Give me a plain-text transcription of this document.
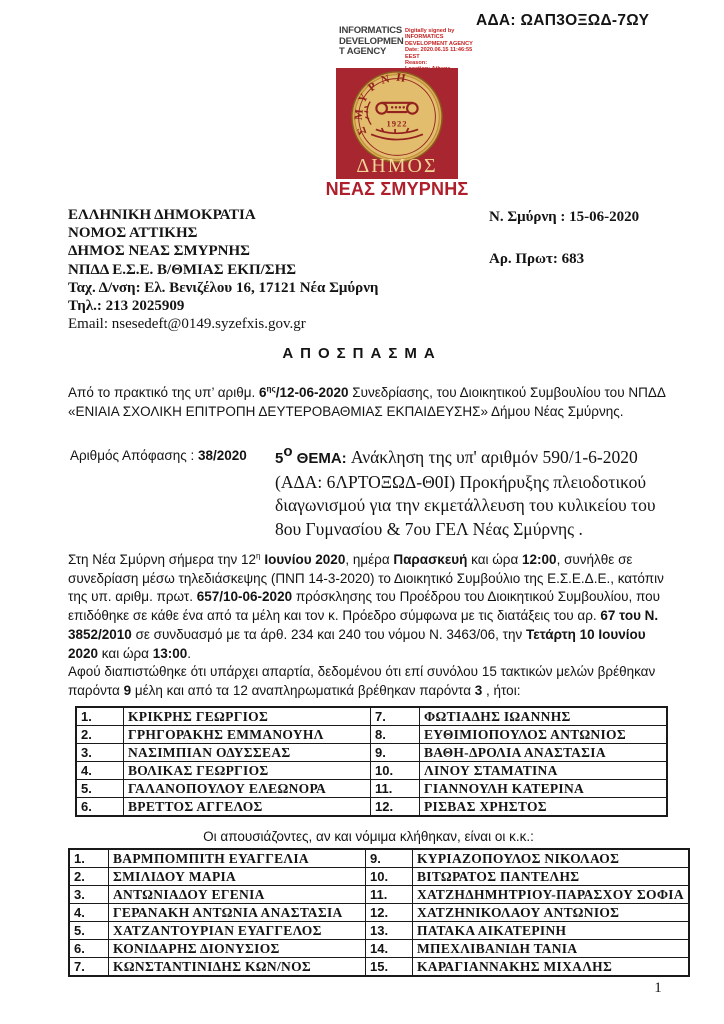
ΑΔΑ: ΩΑΠ3ΟΞΩΔ-7ΩΥ
INFORMATICS
DEVELOPMEN
T AGENCY
Digitally signed by
INFORMATICS
DEVELOPMENT AGENCY
Date: 2020.06.15 11:46:55
EEST
Reason:

ΣΜΥΡΝΗ
1922
ΔΗΜΟΣ
ΝΕΑΣ ΣΜΥΡΝΗΣ
ΕΛΛΗΝΙΚΗ ΔΗΜΟΚΡΑΤΙΑ
ΝΟΜΟΣ ΑΤΤΙΚΗΣ
ΔΗΜΟΣ ΝΕΑΣ ΣΜΥΡΝΗΣ
ΝΠΔΔ Ε.Σ.Ε. Β/ΘΜΙΑΣ ΕΚΠ/ΣΗΣ
Ταχ. Δ/νση: Ελ. Βενιζέλου 16, 17121 Νέα Σμύρνη
Τηλ.: 213 2025909
Email: nsesedeft@0149.syzefxis.gov.gr
Ν. Σμύρνη : 15-06-2020
Αρ. Πρωτ: 683
ΑΠΟΣΠΑΣΜΑ
Από το πρακτικό της υπ’ αριθμ. $6^{\eta\varsigma}/12-06-2020$ Συνεδρίασης, του Διοικητικού Συμβουλίου του ΝΠΔΔ «ΕΝΙΑΙΑ ΣΧΟΛΙΚΗ ΕΠΙΤΡΟΠΗ ΔΕΥΤΕΡΟΒΑΘΜΙΑΣ ΕΚΠΑΙΔΕΥΣΗΣ» Δήμου Νέας Σμύρνης.
Αριθμός Απόφασης : 38/2020 $5^o$ ΘΕΜΑ: Ανάκληση της υπ' αριθμόν 590/1-6-2020 (ΑΔΑ: 6ΛΡΤΟΞΩΔ-Θ0Ι) Προκήρυξης πλειοδοτικού διαγωνισμού για την εκμετάλλευση του κυλικείου του 8ου Γυμνασίου & 7ου ΓΕΛ Νέας Σμύρνης .
Στη Νέα Σμύρνη σήμερα την $12^\eta$ Ιουνίου 2020, ημέρα Παρασκευή και ώρα 12:00, συνήλθε σε συνεδρίαση μέσω τηλεδιάσκεψης (ΠΝΠ 14-3-2020) το Διοικητικό Συμβούλιο της Ε.Σ.Ε.Δ.Ε., κατόπιν της υπ. αριθμ. πρωτ. 657/10-06-2020 πρόσκλησης του Προέδρου του Διοικητικού Συμβουλίου, που επιδόθηκε σε κάθε ένα από τα μέλη και τον κ. Πρόεδρο σύμφωνα με τις διατάξεις του αρ. 67 του Ν. 3852/2010 σε συνδυασμό με τα άρθ. 234 και 240 του νόμου Ν. 3463/06, την Τετάρτη 10 Ιουνίου 2020 και ώρα 13:00.
Αφού διαπιστώθηκε ότι υπάρχει απαρτία, δεδομένου ότι επί συνόλου 15 τακτικών μελών βρέθηκαν παρόντα 9 μέλη και από τα 12 αναπληρωματικά βρέθηκαν παρόντα 3 , ήτοι:
1.	ΚΡΙΚΡΗΣ ΓΕΩΡΓΙΟΣ	7.	ΦΩΤΙΑΔΗΣ ΙΩΑΝΝΗΣ
2.	ΓΡΗΓΟΡΑΚΗΣ ΕΜΜΑΝΟΥΗΛ	8.	ΕΥΘΙΜΙΟΠΟΥΛΟΣ ΑΝΤΩΝΙΟΣ
3.	ΝΑΣΙΜΠΙΑΝ ΟΔΥΣΣΕΑΣ	9.	ΒΑΘΗ-ΔΡΟΛΙΑ ΑΝΑΣΤΑΣΙΑ
4.	ΒΟΛΙΚΑΣ ΓΕΩΡΓΙΟΣ	10.	ΛΙΝΟΥ ΣΤΑΜΑΤΙΝΑ
5.	ΓΑΛΑΝΟΠΟΥΛΟΥ ΕΛΕΩΝΟΡΑ	11.	ΓΙΑΝΝΟΥΛΗ ΚΑΤΕΡΙΝΑ
6.	ΒΡΕΤΤΟΣ ΑΓΓΕΛΟΣ	12.	ΡΙΣΒΑΣ ΧΡΗΣΤΟΣ
Οι απουσιάζοντες, αν και νόμιμα κλήθηκαν, είναι οι κ.κ.:
1.	ΒΑΡΜΠΟΜΠΙΤΗ ΕΥΑΓΓΕΛΙΑ	9.	ΚΥΡΙΑΖΟΠΟΥΛΟΣ ΝΙΚΟΛΑΟΣ
2.	ΣΜΙΛΙΔΟΥ ΜΑΡΙΑ	10.	ΒΙΤΩΡΑΤΟΣ ΠΑΝΤΕΛΗΣ
3.	ΑΝΤΩΝΙΑΔΟΥ ΕΓΕΝΙΑ	11.	ΧΑΤΖΗΔΗΜΗΤΡΙΟΥ-ΠΑΡΑΣΧΟΥ ΣΟΦΙΑ
4.	ΓΕΡΑΝΑΚΗ ΑΝΤΩΝΙΑ ΑΝΑΣΤΑΣΙΑ	12.	ΧΑΤΖΗΝΙΚΟΛΑΟΥ ΑΝΤΩΝΙΟΣ
5.	ΧΑΤΖΑΝΤΟΥΡΙΑΝ ΕΥΑΓΓΕΛΟΣ	13.	ΠΑΤΑΚΑ ΑΙΚΑΤΕΡΙΝΗ
6.	ΚΟΝΙΔΑΡΗΣ ΔΙΟΝΥΣΙΟΣ	14.	ΜΠΕΧΛΙΒΑΝΙΔΗ ΤΑΝΙΑ
7.	ΚΩΝΣΤΑΝΤΙΝΙΔΗΣ ΚΩΝ/ΝΟΣ	15.	ΚΑΡΑΓΙΑΝΝΑΚΗΣ ΜΙΧΑΛΗΣ
1
